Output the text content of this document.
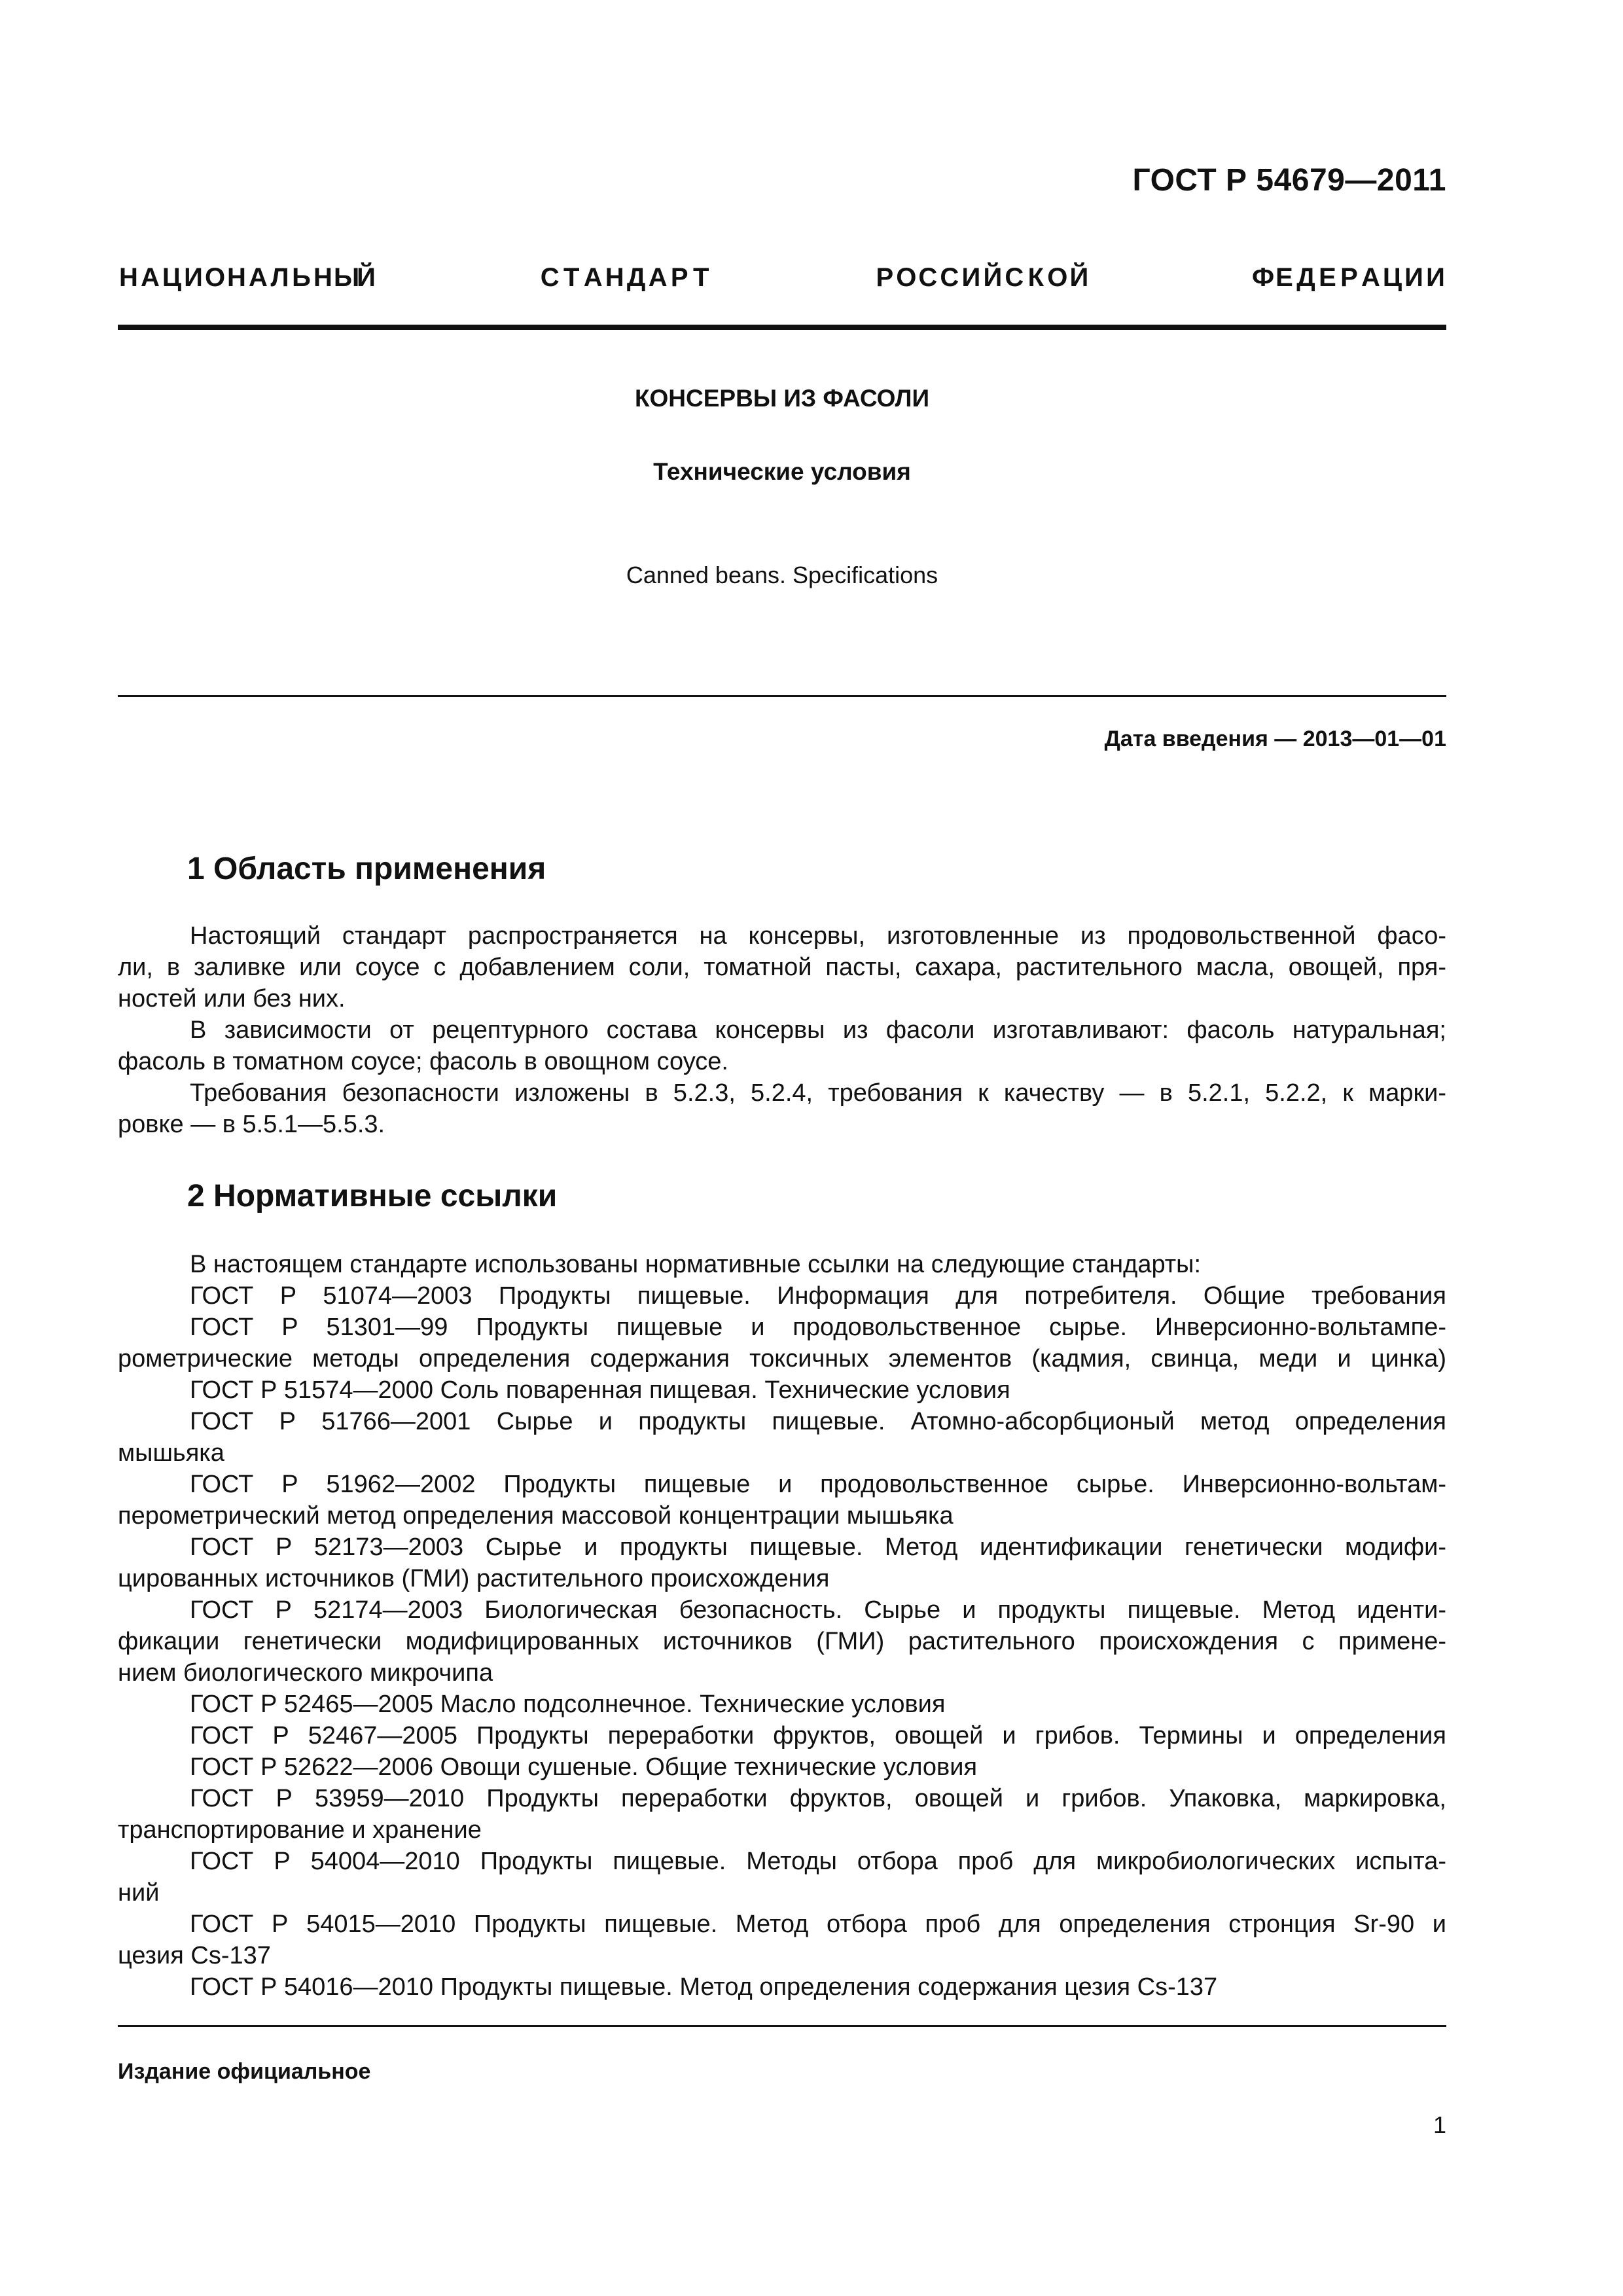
ГОСТ Р 54679—2011
Н А Ц И О Н А Л Ь Н Ы
Й	С Т А Н Д А Р Т	Р О С С И Й С К О Й	Ф Е Д Е Р А Ц И И
КОНСЕРВЫ ИЗ ФАСОЛИ
Технические условия
Canned beans. Specifications
Дата введения — 2013—01—01
1 Область применения
Настоящий стандарт распространяется на консервы, изготовленные из продовольственной фасо-
ли, в заливке или соусе с добавлением соли, томатной пасты, сахара, растительного масла, овощей, пря-
ностей или без них.
В зависимости от рецептурного состава консервы из фасоли изготавливают: фасоль натуральная;
фасоль в томатном соусе; фасоль в овощном соусе.
Требования безопасности изложены в 5.2.3, 5.2.4, требования к качеству — в 5.2.1, 5.2.2, к марки-
ровке — в 5.5.1—5.5.3.
2 Нормативные ссылки
В настоящем стандарте использованы нормативные ссылки на следующие стандарты:
ГОСТ Р 51074—2003 Продукты пищевые. Информация для потребителя. Общие требования
ГОСТ Р 51301—99 Продукты пищевые и продовольственное сырье. Инверсионно-вольтампе-
рометрические методы определения содержания токсичных элементов (кадмия, свинца, меди и цинка)
ГОСТ Р 51574—2000 Соль поваренная пищевая. Технические условия
ГОСТ Р 51766—2001 Сырье и продукты пищевые. Атомно-абсорбционый метод определения
мышьяка
ГОСТ Р 51962—2002 Продукты пищевые и продовольственное сырье. Инверсионно-вольтам-
перометрический метод определения массовой концентрации мышьяка
ГОСТ Р 52173—2003 Сырье и продукты пищевые. Метод идентификации генетически модифи-
цированных источников (ГМИ) растительного происхождения
ГОСТ Р 52174—2003 Биологическая безопасность. Сырье и продукты пищевые. Метод иденти-
фикации генетически модифицированных источников (ГМИ) растительного происхождения с примене-
нием биологического микрочипа
ГОСТ Р 52465—2005 Масло подсолнечное. Технические условия
ГОСТ Р 52467—2005 Продукты переработки фруктов, овощей и грибов. Термины и определения
ГОСТ Р 52622—2006 Овощи сушеные. Общие технические условия
ГОСТ Р 53959—2010 Продукты переработки фруктов, овощей и грибов. Упаковка, маркировка,
транспортирование и хранение
ГОСТ Р 54004—2010 Продукты пищевые. Методы отбора проб для микробиологических испыта-
ний
ГОСТ Р 54015—2010 Продукты пищевые. Метод отбора проб для определения стронция Sr-90 и
цезия Cs-137
ГОСТ Р 54016—2010 Продукты пищевые. Метод определения содержания цезия Cs-137
Издание официальное
1
